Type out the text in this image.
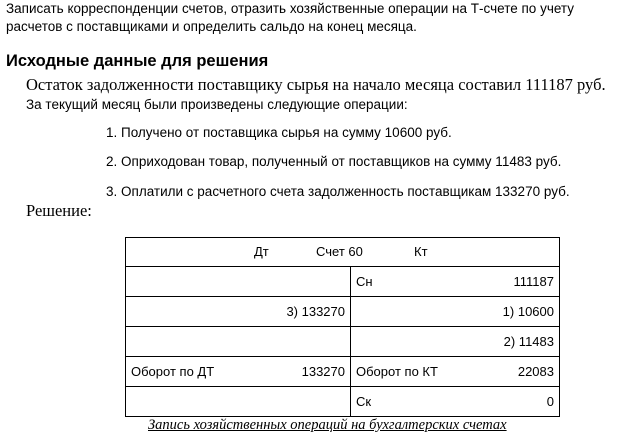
Записать корреспонденции счетов, отразить хозяйственные операции на Т-счете по учету
расчетов с поставщиками и определить сальдо на конец месяца.
Исходные данные для решения
Остаток задолженности поставщику сырья на начало месяца составил 111187 руб.
За текущий месяц были произведены следующие операции:
1. Получено от поставщика сырья на сумму 10600 руб.
2. Оприходован товар, полученный от поставщиков на сумму 11483 руб.
3. Оплатили с расчетного счета задолженность поставщикам 133270 руб.
Решение:
Дт Счет 60 Кт	

	Сн 111187

3) 133270	1) 10600
	2) 11483
Оборот по ДТ 133270	Оборот по КТ 22083

	Ск 0
Запись хозяйственных операций на бухгалтерских счетах
